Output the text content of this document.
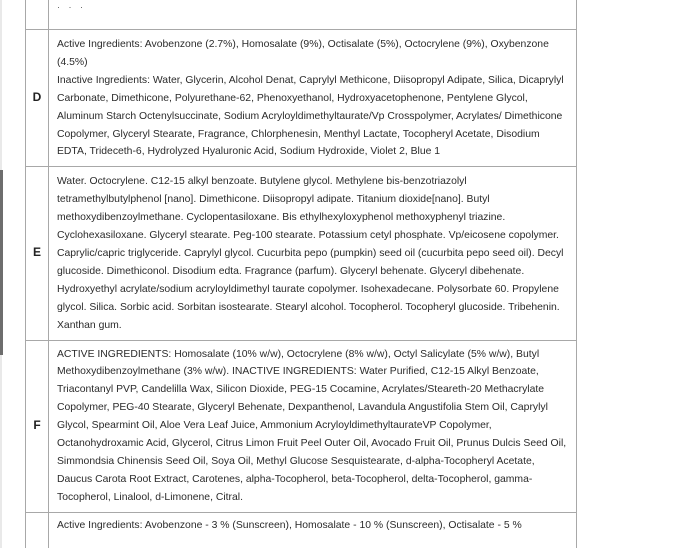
	· · ·
D	Active Ingredients: Avobenzone (2.7%), Homosalate (9%), Octisalate (5%), Octocrylene (9%), Oxybenzone (4.5%)
Inactive Ingredients: Water, Glycerin, Alcohol Denat, Caprylyl Methicone, Diisopropyl Adipate, Silica, Dicaprylyl Carbonate, Dimethicone, Polyurethane-62, Phenoxyethanol, Hydroxyacetophenone, Pentylene Glycol, Aluminum Starch Octenylsuccinate, Sodium Acryloyldimethyltaurate/Vp Crosspolymer, Acrylates/ Dimethicone Copolymer, Glyceryl Stearate, Fragrance, Chlorphenesin, Menthyl Lactate, Tocopheryl Acetate, Disodium EDTA, Trideceth-6, Hydrolyzed Hyaluronic Acid, Sodium Hydroxide, Violet 2, Blue 1

E	Water. Octocrylene. C12-15 alkyl benzoate. Butylene glycol. Methylene bis-benzotriazolyl tetramethylbutylphenol [nano]. Dimethicone. Diisopropyl adipate. Titanium dioxide[nano]. Butyl methoxydibenzoylmethane. Cyclopentasiloxane. Bis ethylhexyloxyphenol methoxyphenyl triazine. Cyclohexasiloxane. Glyceryl stearate. Peg-100 stearate. Potassium cetyl phosphate. Vp/eicosene copolymer. Caprylic/capric triglyceride. Caprylyl glycol. Cucurbita pepo (pumpkin) seed oil (cucurbita pepo seed oil). Decyl glucoside. Dimethiconol. Disodium edta. Fragrance (parfum). Glyceryl behenate. Glyceryl dibehenate. Hydroxyethyl acrylate/sodium acryloyldimethyl taurate copolymer. Isohexadecane. Polysorbate 60. Propylene glycol. Silica. Sorbic acid. Sorbitan isostearate. Stearyl alcohol. Tocopherol. Tocopheryl glucoside. Tribehenin. Xanthan gum.
F	ACTIVE INGREDIENTS: Homosalate (10% w/w), Octocrylene (8% w/w), Octyl Salicylate (5% w/w), Butyl Methoxydibenzoylmethane (3% w/w). INACTIVE INGREDIENTS: Water Purified, C12-15 Alkyl Benzoate, Triacontanyl PVP, Candelilla Wax, Silicon Dioxide, PEG-15 Cocamine, Acrylates/Steareth-20 Methacrylate Copolymer, PEG-40 Stearate, Glyceryl Behenate, Dexpanthenol, Lavandula Angustifolia Stem Oil, Caprylyl Glycol, Spearmint Oil, Aloe Vera Leaf Juice, Ammonium AcryloyldimethyltaurateVP Copolymer, Octanohydroxamic Acid, Glycerol, Citrus Limon Fruit Peel Outer Oil, Avocado Fruit Oil, Prunus Dulcis Seed Oil, Simmondsia Chinensis Seed Oil, Soya Oil, Methyl Glucose Sesquistearate, d-alpha-Tocopheryl Acetate, Daucus Carota Root Extract, Carotenes, alpha-Tocopherol, beta-Tocopherol, delta-Tocopherol, gamma-Tocopherol, Linalool, d-Limonene, Citral.
	Active Ingredients: Avobenzone - 3 % (Sunscreen), Homosalate - 10 % (Sunscreen), Octisalate - 5 %
